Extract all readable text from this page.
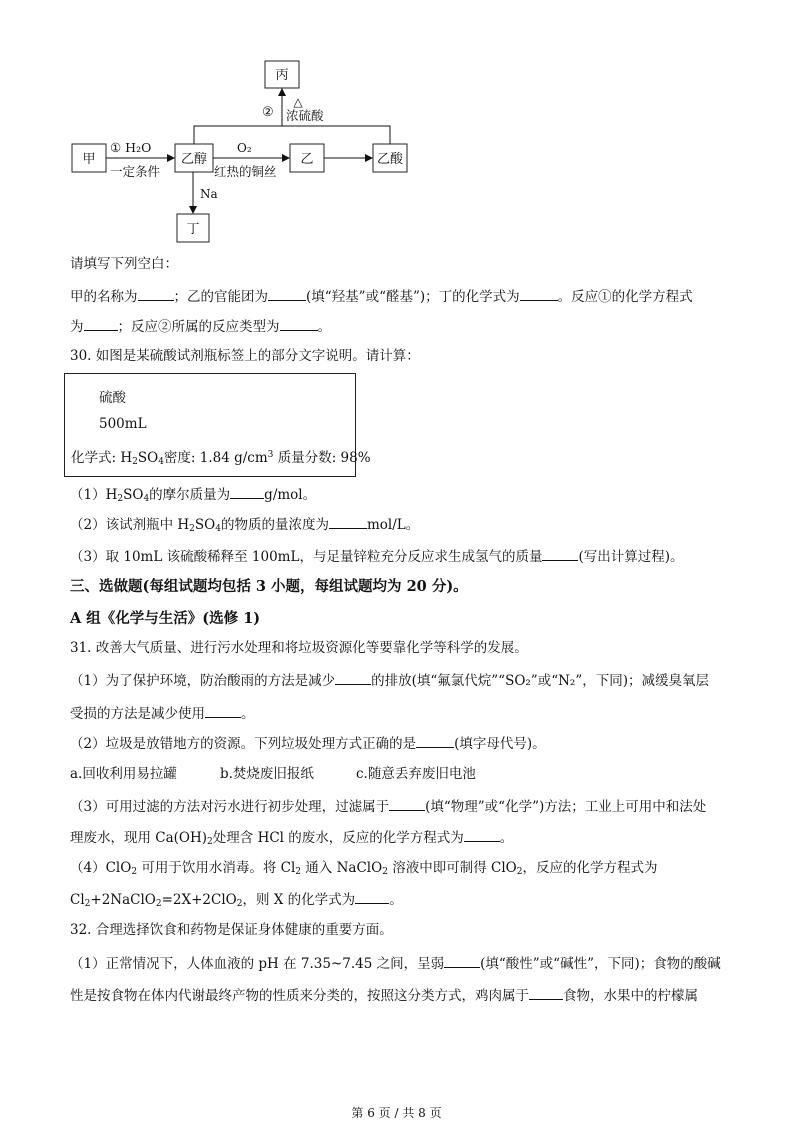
甲	乙醇	乙	乙酸
丙
丁
① H₂O
一定条件
O₂
红热的铜丝
②
△
浓硫酸
Na
请填写下列空白：
甲的名称为	；乙的官能团为	(填“羟基”或“醛基”)；丁的化学式为	。反应①的化学方程式
为	；反应②所属的反应类型为	。
30. 如图是某硫酸试剂瓶标签上的部分文字说明。请计算：
硫酸
500mL
化学式: $H_2SO_4$密度: 1.84 $g/cm^3$ 质量分数: 98%
$(1)H_2SO_4$的摩尔质量为	g/mol。
（2）该试剂瓶中 $H_2SO_4$的物质的量浓度为	mol/L。
（3）取 10mL 该硫酸稀释至 100mL，与足量锌粒充分反应求生成氢气的质量	(写出计算过程)。
三、选做题(每组试题均包括 3 小题，每组试题均为 20 分)。
A 组《化学与生活》(选修 1)
31. 改善大气质量、进行污水处理和将垃圾资源化等要靠化学等科学的发展。
（1）为了保护环境，防治酸雨的方法是减少	的排放(填“氟氯代烷”“SO₂”或“N₂”，下同)；减缓臭氧层
受损的方法是减少使用	。
（2）垃圾是放错地方的资源。下列垃圾处理方式正确的是	(填字母代号)。
a.回收利用易拉罐	b.焚烧废旧报纸	c.随意丢弃废旧电池
（3）可用过滤的方法对污水进行初步处理，过滤属于	(填“物理”或“化学”)方法；工业上可用中和法处
理废水，现用 $Ca(OH)_2$处理含 HCl 的废水，反应的化学方程式为	。
（4）ClO$_2$ 可用于饮用水消毒。将 $Cl_2$ 通入 NaClO$_2$ 溶液中即可制得 ClO$_2$，反应的化学方程式为
$Cl_2+2NaClO_2=2X+2ClO_2$，则 X 的化学式为	。
32. 合理选择饮食和药物是保证身体健康的重要方面。
（1）正常情况下，人体血液的 pH 在 7.35~7.45 之间，呈弱	(填“酸性”或“碱性”，下同)；食物的酸碱
性是按食物在体内代谢最终产物的性质来分类的，按照这分类方式，鸡肉属于	食物，水果中的柠檬属
第 6 页 / 共 8 页
